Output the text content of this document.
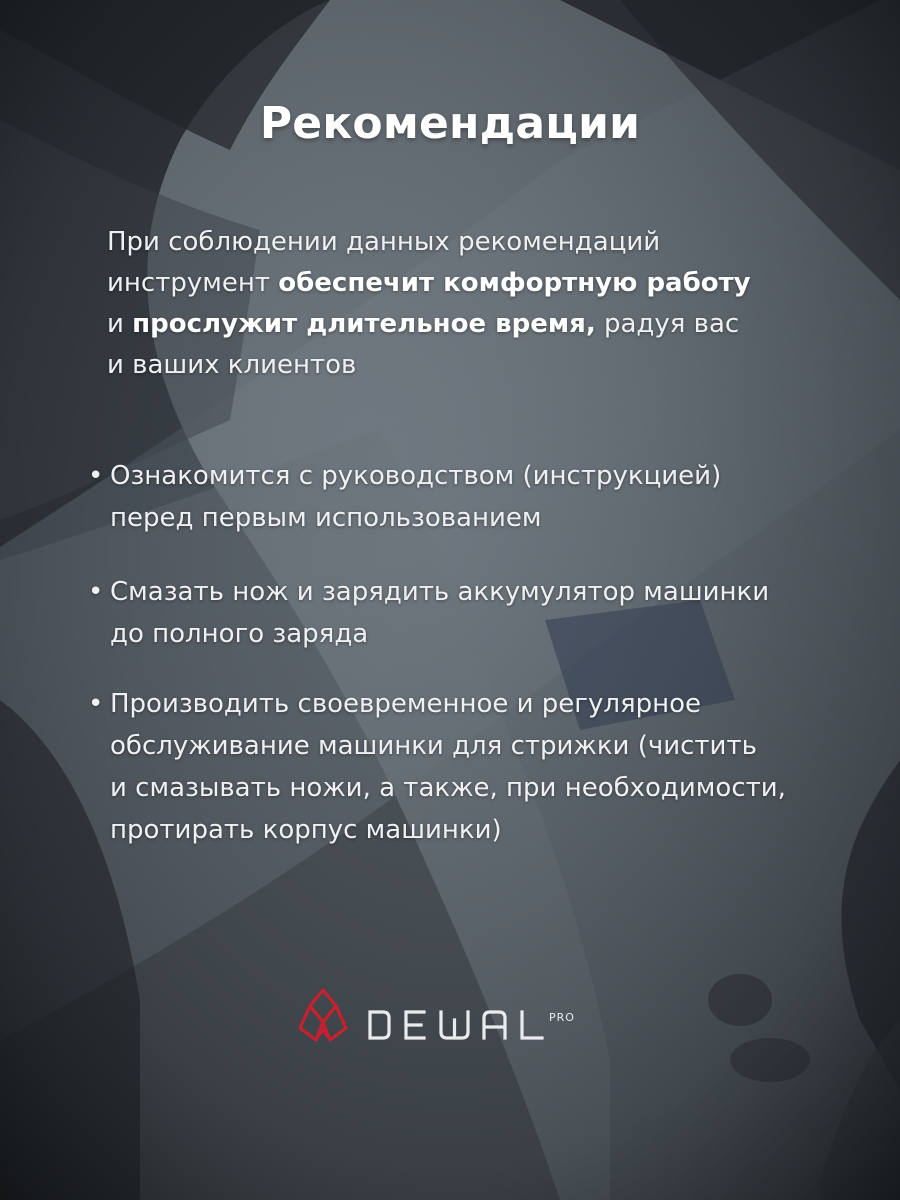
Рекомендации
При соблюдении данных рекомендаций
инструмент обеспечит комфортную работу
и прослужит длительное время, радуя вас
и ваших клиентов
• Ознакомится с руководством (инструкцией)
перед первым использованием
• Смазать нож и зарядить аккумулятор машинки
до полного заряда
• Производить своевременное и регулярное
обслуживание машинки для стрижки (чистить
и смазывать ножи, а также, при необходимости,
протирать корпус машинки)
PRO
